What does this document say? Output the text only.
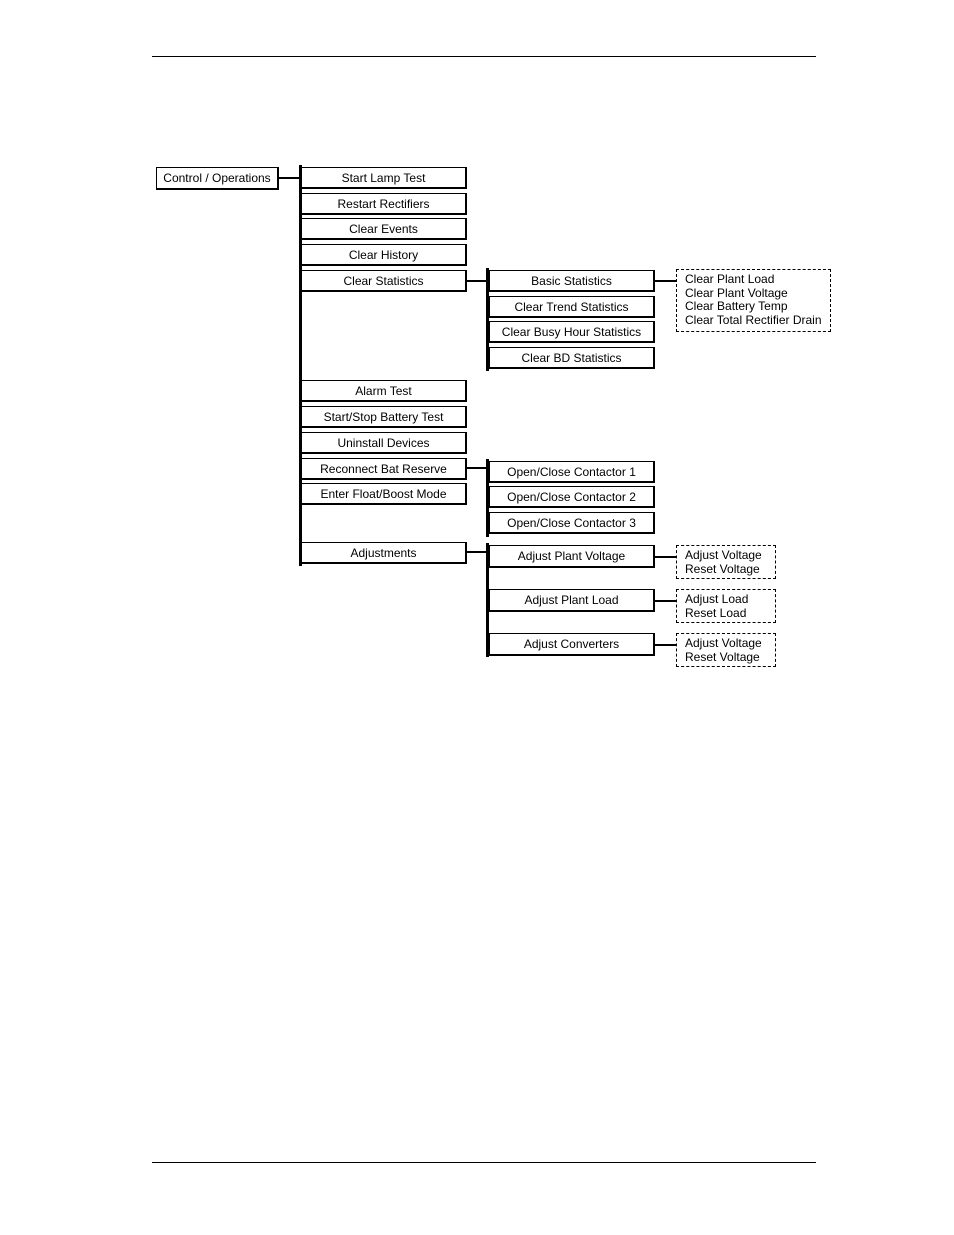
Control / Operations	Start Lamp Test
Restart Rectifiers
Clear Events
Clear History
Clear Statistics
Alarm Test
Start/Stop Battery Test
Uninstall Devices
Reconnect Bat Reserve
Enter Float/Boost Mode
Adjustments
Basic Statistics
Clear Trend Statistics
Clear Busy Hour Statistics
Clear BD Statistics
Clear Plant Load
Clear Plant Voltage
Clear Battery Temp
Clear Total Rectifier Drain
Open/Close Contactor 1
Open/Close Contactor 2
Open/Close Contactor 3
Adjust Plant Voltage
Adjust Plant Load
Adjust Converters
Adjust Voltage
Reset Voltage
Adjust Load
Reset Load
Adjust Voltage
Reset Voltage
